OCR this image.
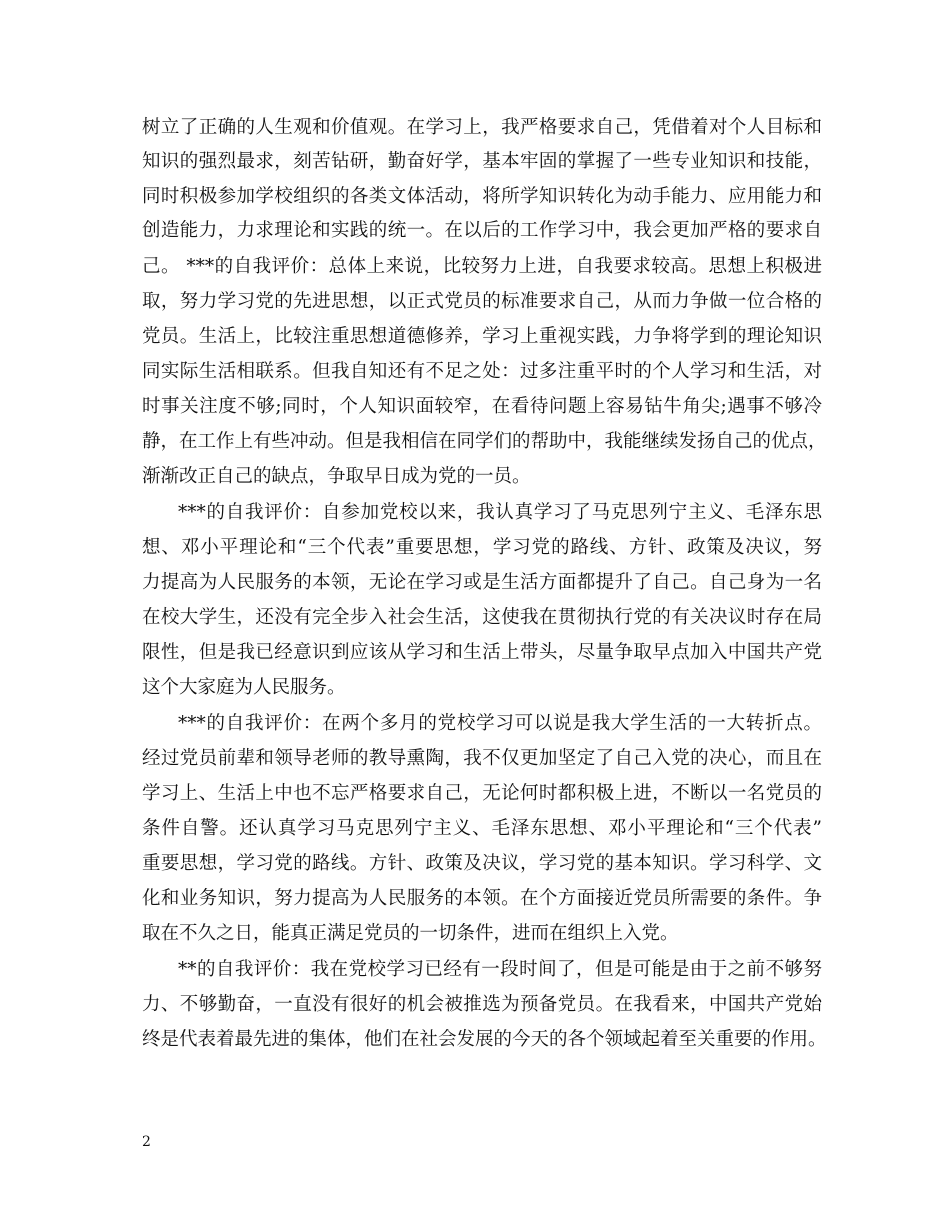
树立了正确的人生观和价值观。在学习上，我严格要求自己，凭借着对个人目标和
知识的强烈最求，刻苦钻研，勤奋好学，基本牢固的掌握了一些专业知识和技能，
同时积极参加学校组织的各类文体活动，将所学知识转化为动手能力、应用能力和
创造能力，力求理论和实践的统一。在以后的工作学习中，我会更加严格的要求自
己。 ***的自我评价：总体上来说，比较努力上进，自我要求较高。思想上积极进
取，努力学习党的先进思想，以正式党员的标准要求自己，从而力争做一位合格的
党员。生活上，比较注重思想道德修养，学习上重视实践，力争将学到的理论知识
同实际生活相联系。但我自知还有不足之处：过多注重平时的个人学习和生活，对
时事关注度不够;同时，个人知识面较窄，在看待问题上容易钻牛角尖;遇事不够冷
静，在工作上有些冲动。但是我相信在同学们的帮助中，我能继续发扬自己的优点，
渐渐改正自己的缺点，争取早日成为党的一员。
***的自我评价：自参加党校以来，我认真学习了马克思列宁主义、毛泽东思
想、邓小平理论和“三个代表”重要思想，学习党的路线、方针、政策及决议，努
力提高为人民服务的本领，无论在学习或是生活方面都提升了自己。自己身为一名
在校大学生，还没有完全步入社会生活，这使我在贯彻执行党的有关决议时存在局
限性，但是我已经意识到应该从学习和生活上带头，尽量争取早点加入中国共产党
这个大家庭为人民服务。
***的自我评价：在两个多月的党校学习可以说是我大学生活的一大转折点。
经过党员前辈和领导老师的教导熏陶，我不仅更加坚定了自己入党的决心，而且在
学习上、生活上中也不忘严格要求自己，无论何时都积极上进，不断以一名党员的
条件自警。还认真学习马克思列宁主义、毛泽东思想、邓小平理论和“三个代表”
重要思想，学习党的路线。方针、政策及决议，学习党的基本知识。学习科学、文
化和业务知识，努力提高为人民服务的本领。在个方面接近党员所需要的条件。争
取在不久之日，能真正满足党员的一切条件，进而在组织上入党。
**的自我评价：我在党校学习已经有一段时间了，但是可能是由于之前不够努
力、不够勤奋，一直没有很好的机会被推选为预备党员。在我看来，中国共产党始
终是代表着最先进的集体，他们在社会发展的今天的各个领域起着至关重要的作用。
2
